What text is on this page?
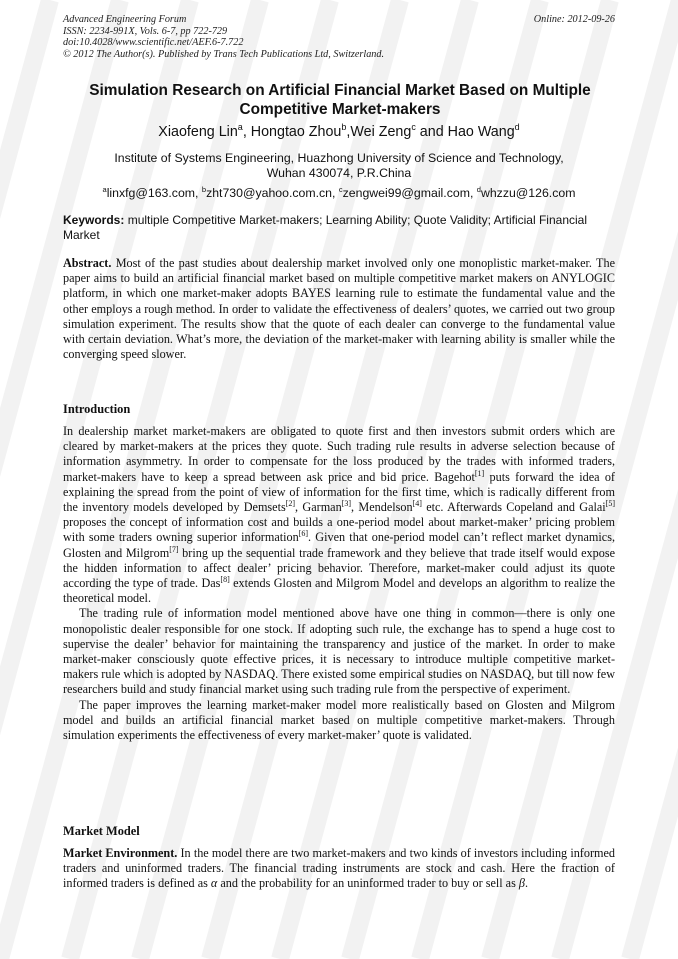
Advanced Engineering Forum
ISSN: 2234-991X, Vols. 6-7, pp 722-729
doi:10.4028/www.scientific.net/AEF.6-7.722
© 2012 The Author(s). Published by Trans Tech Publications Ltd, Switzerland.
Online: 2012-09-26
Simulation Research on Artificial Financial Market Based on Multiple Competitive Market-makers
Xiaofeng Lin$^a$, Hongtao Zhou$^b$,Wei Zeng$^c$ and Hao Wang$^d$
Institute of Systems Engineering, Huazhong University of Science and Technology,
Wuhan 430074, P.R.China
$^a$linxfg@163.com, $^b$zht730@yahoo.com.cn, $^c$zengwei99@gmail.com, $^d$whzzu@126.com
Keywords: multiple Competitive Market-makers; Learning Ability; Quote Validity; Artificial Financial Market
Abstract. Most of the past studies about dealership market involved only one monoplistic market-maker. The paper aims to build an artificial financial market based on multiple competitive market makers on ANYLOGIC platform, in which one market-maker adopts BAYES learning rule to estimate the fundamental value and the other employs a rough method. In order to validate the effectiveness of dealers’ quotes, we carried out two group simulation experiment. The results show that the quote of each dealer can converge to the fundamental value with certain deviation. What’s more, the deviation of the market-maker with learning ability is smaller while the converging speed slower.
Introduction
In dealership market market-makers are obligated to quote first and then investors submit orders which are cleared by market-makers at the prices they quote. Such trading rule results in adverse selection because of information asymmetry. In order to compensate for the loss produced by the trades with informed traders, market-makers have to keep a spread between ask price and bid price. Bagehot[1] puts forward the idea of explaining the spread from the point of view of information for the first time, which is radically different from the inventory models developed by Demsets[2], Garman[3], Mendelson[4] etc. Afterwards Copeland and Galai[5] proposes the concept of information cost and builds a one-period model about market-maker’ pricing problem with some traders owning superior information[6]. Given that one-period model can’t reflect market dynamics, Glosten and Milgrom[7] bring up the sequential trade framework and they believe that trade itself would expose the hidden information to affect dealer’ pricing behavior. Therefore, market-maker could adjust its quote according the type of trade. Das[8] extends Glosten and Milgrom Model and develops an algorithm to realize the theoretical model.
The trading rule of information model mentioned above have one thing in common—there is only one monopolistic dealer responsible for one stock. If adopting such rule, the exchange has to spend a huge cost to supervise the dealer’ behavior for maintaining the transparency and justice of the market. In order to make market-maker consciously quote effective prices, it is necessary to introduce multiple competitive market-makers rule which is adopted by NASDAQ. There existed some empirical studies on NASDAQ, but till now few researchers build and study financial market using such trading rule from the perspective of experiment.
The paper improves the learning market-maker model more realistically based on Glosten and Milgrom model and builds an artificial financial market based on multiple competitive market-makers. Through simulation experiments the effectiveness of every market-maker’ quote is validated.
Market Model
Market Environment. In the model there are two market-makers and two kinds of investors including informed traders and uninformed traders. The financial trading instruments are stock and cash. Here the fraction of informed traders is defined as α and the probability for an uninformed trader to buy or sell as β.
